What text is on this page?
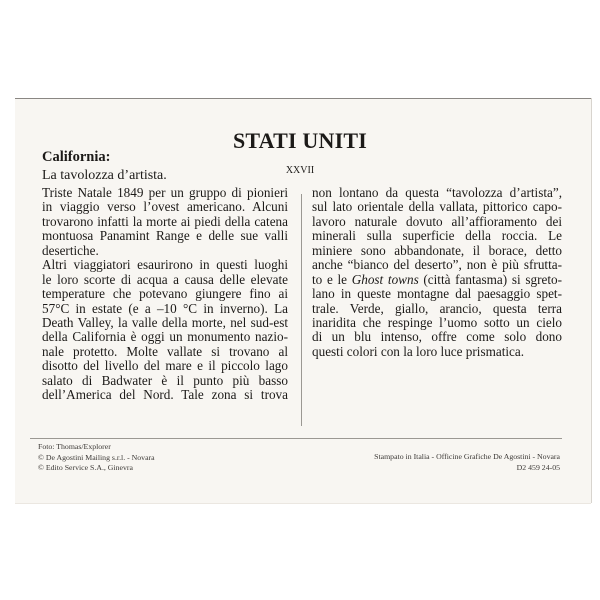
California:
La tavolozza d’artista.
STATI UNITI
XXVII
Triste Natale 1849 per un gruppo di pionieri
in viaggio verso l’ovest americano. Alcuni
trovarono infatti la morte ai piedi della catena
montuosa Panamint Range e delle sue valli
desertiche.
Altri viaggiatori esaurirono in questi luoghi
le loro scorte di acqua a causa delle elevate
temperature che potevano giungere fino ai
57°C in estate (e a –10 °C in inverno). La
Death Valley, la valle della morte, nel sud-est
della California è oggi un monumento nazio-
nale protetto. Molte vallate si trovano al
disotto del livello del mare e il piccolo lago
salato di Badwater è il punto più basso
dell’America del Nord. Tale zona si trova
non lontano da questa “tavolozza d’artista”,
sul lato orientale della vallata, pittorico capo-
lavoro naturale dovuto all’affioramento dei
minerali sulla superficie della roccia. Le
miniere sono abbandonate, il borace, detto
anche “bianco del deserto”, non è più sfrutta-
to e le Ghost towns (città fantasma) si sgreto-
lano in queste montagne dal paesaggio spet-
trale. Verde, giallo, arancio, questa terra
inaridita che respinge l’uomo sotto un cielo
di un blu intenso, offre come solo dono
questi colori con la loro luce prismatica.
Foto: Thomas/Explorer
© De Agostini Mailing s.r.l. - Novara
© Edito Service S.A., Ginevra
Stampato in Italia - Officine Grafiche De Agostini - Novara
D2 459 24-05
